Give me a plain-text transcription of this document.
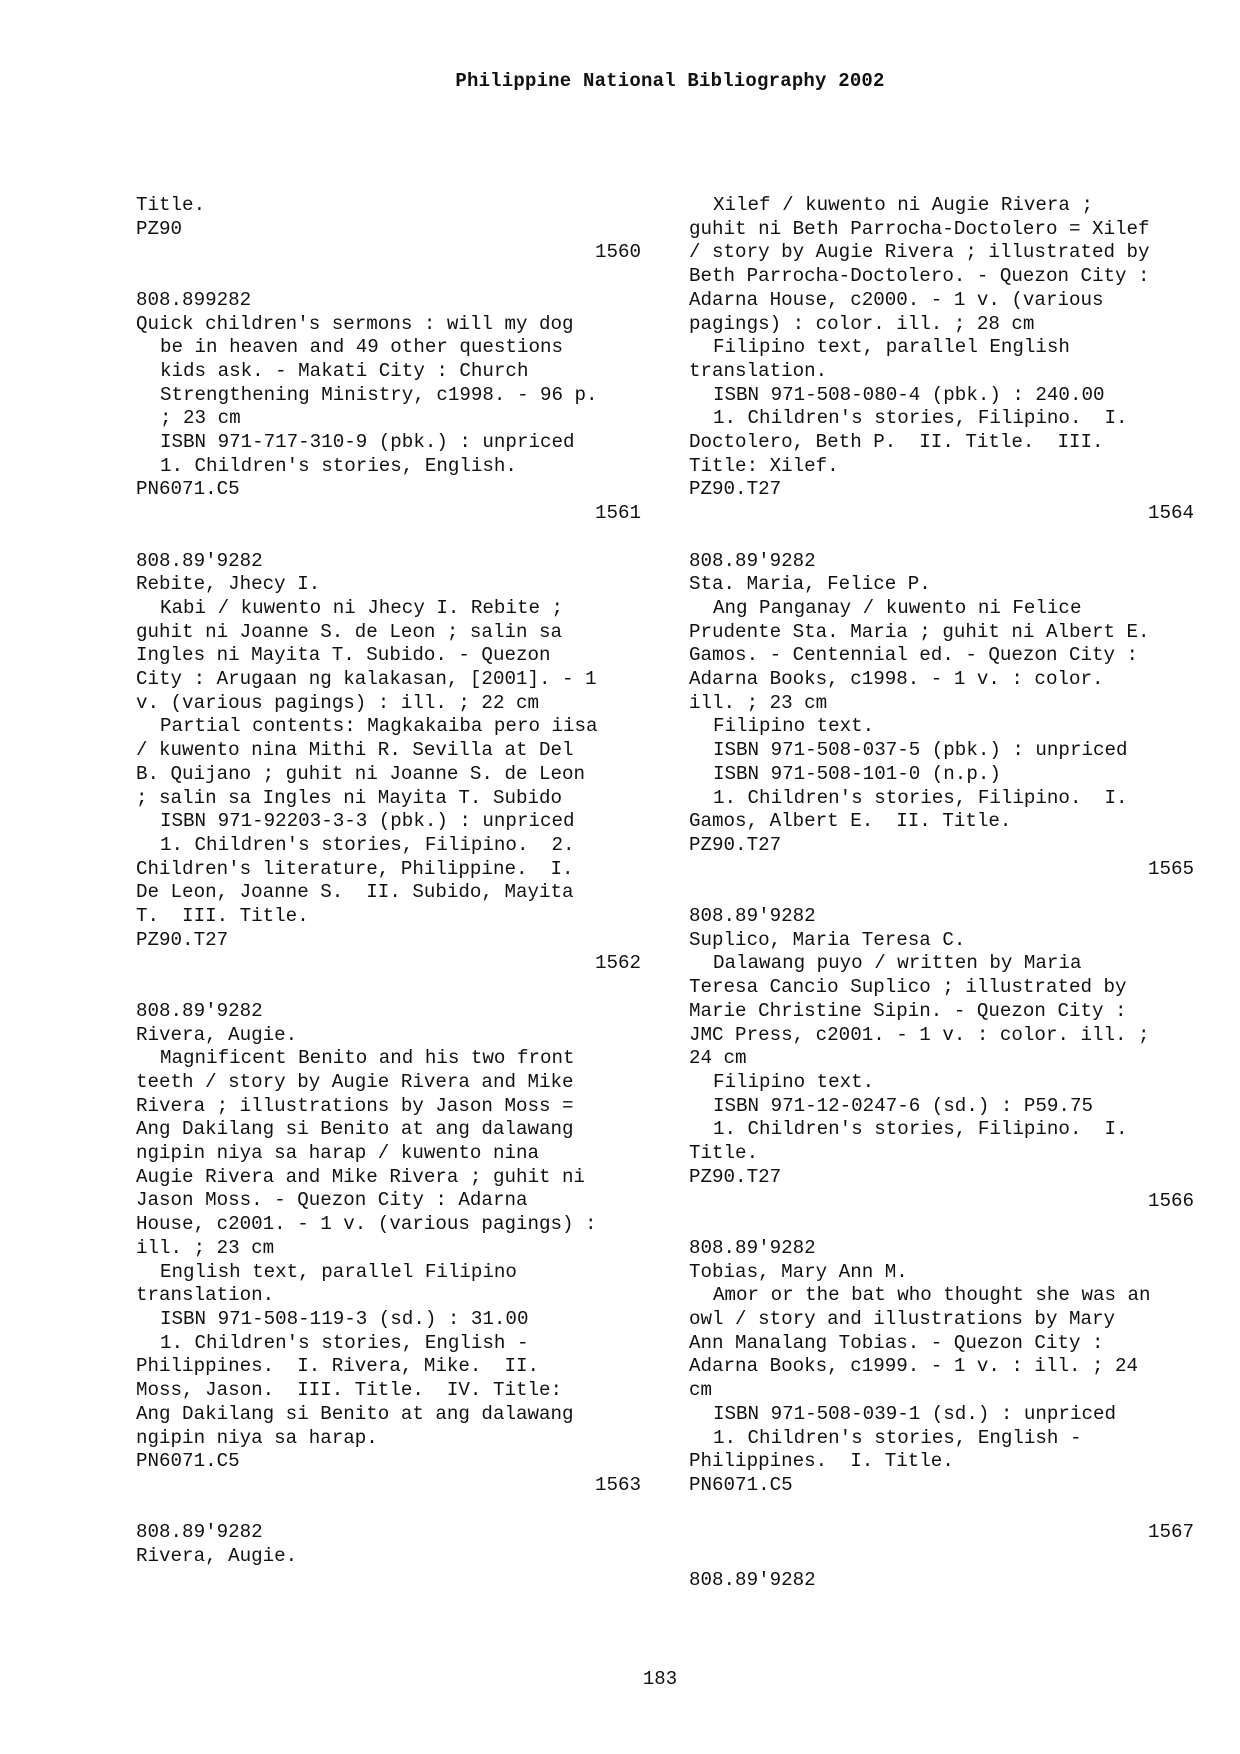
Philippine National Bibliography 2002
Title.
PZ90
1560
808.899282
Quick children's sermons : will my dog
be in heaven and 49 other questions
kids ask. - Makati City : Church
Strengthening Ministry, c1998. - 96 p.
; 23 cm
ISBN 971-717-310-9 (pbk.) : unpriced
1. Children's stories, English.
PN6071.C5
1561
808.89'9282
Rebite, Jhecy I.
Kabi / kuwento ni Jhecy I. Rebite ;
guhit ni Joanne S. de Leon ; salin sa
Ingles ni Mayita T. Subido. - Quezon
City : Arugaan ng kalakasan, [2001]. - 1
v. (various pagings) : ill. ; 22 cm
Partial contents: Magkakaiba pero iisa
/ kuwento nina Mithi R. Sevilla at Del
B. Quijano ; guhit ni Joanne S. de Leon
; salin sa Ingles ni Mayita T. Subido
ISBN 971-92203-3-3 (pbk.) : unpriced
1. Children's stories, Filipino.  2.
Children's literature, Philippine.  I.
De Leon, Joanne S.  II. Subido, Mayita
T.  III. Title.
PZ90.T27
1562
808.89'9282
Rivera, Augie.
Magnificent Benito and his two front
teeth / story by Augie Rivera and Mike
Rivera ; illustrations by Jason Moss =
Ang Dakilang si Benito at ang dalawang
ngipin niya sa harap / kuwento nina
Augie Rivera and Mike Rivera ; guhit ni
Jason Moss. - Quezon City : Adarna
House, c2001. - 1 v. (various pagings) :
ill. ; 23 cm
English text, parallel Filipino
translation.
ISBN 971-508-119-3 (sd.) : 31.00
1. Children's stories, English -
Philippines.  I. Rivera, Mike.  II.
Moss, Jason.  III. Title.  IV. Title:
Ang Dakilang si Benito at ang dalawang
ngipin niya sa harap.
PN6071.C5
1563
808.89'9282
Rivera, Augie.
Xilef / kuwento ni Augie Rivera ;
guhit ni Beth Parrocha-Doctolero = Xilef
/ story by Augie Rivera ; illustrated by
Beth Parrocha-Doctolero. - Quezon City :
Adarna House, c2000. - 1 v. (various
pagings) : color. ill. ; 28 cm
Filipino text, parallel English
translation.
ISBN 971-508-080-4 (pbk.) : 240.00
1. Children's stories, Filipino.  I.
Doctolero, Beth P.  II. Title.  III.
Title: Xilef.
PZ90.T27
1564
808.89'9282
Sta. Maria, Felice P.
Ang Panganay / kuwento ni Felice
Prudente Sta. Maria ; guhit ni Albert E.
Gamos. - Centennial ed. - Quezon City :
Adarna Books, c1998. - 1 v. : color.
ill. ; 23 cm
Filipino text.
ISBN 971-508-037-5 (pbk.) : unpriced
ISBN 971-508-101-0 (n.p.)
1. Children's stories, Filipino.  I.
Gamos, Albert E.  II. Title.
PZ90.T27
1565
808.89'9282
Suplico, Maria Teresa C.
Dalawang puyo / written by Maria
Teresa Cancio Suplico ; illustrated by
Marie Christine Sipin. - Quezon City :
JMC Press, c2001. - 1 v. : color. ill. ;
24 cm
Filipino text.
ISBN 971-12-0247-6 (sd.) : P59.75
1. Children's stories, Filipino.  I.
Title.
PZ90.T27
1566
808.89'9282
Tobias, Mary Ann M.
Amor or the bat who thought she was an
owl / story and illustrations by Mary
Ann Manalang Tobias. - Quezon City :
Adarna Books, c1999. - 1 v. : ill. ; 24
cm
ISBN 971-508-039-1 (sd.) : unpriced
1. Children's stories, English -
Philippines.  I. Title.
PN6071.C5
1567
808.89'9282
183
